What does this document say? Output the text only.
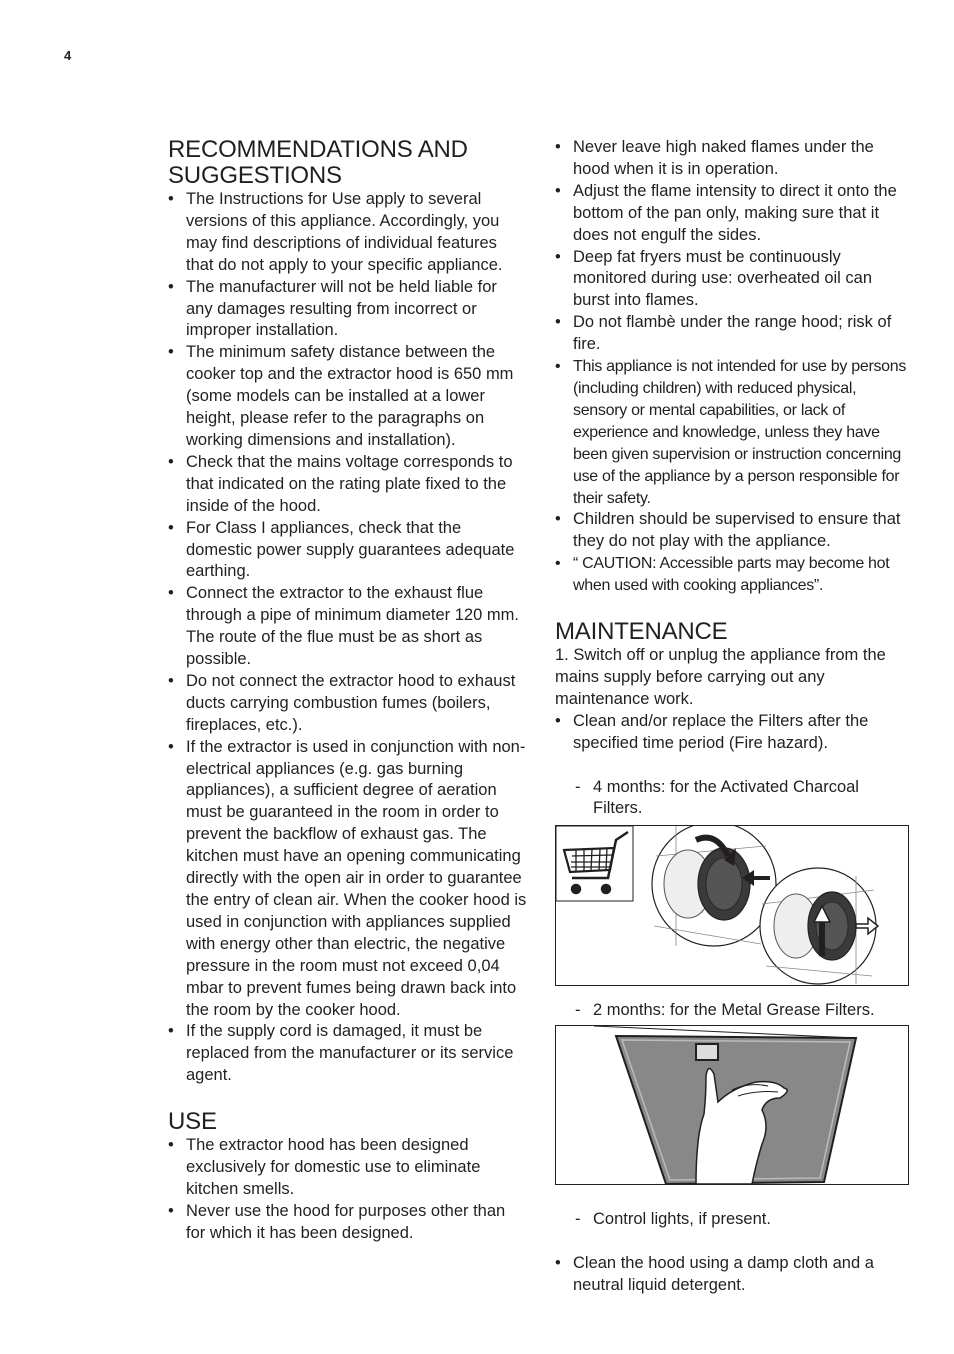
4
RECOMMENDATIONS AND SUGGESTIONS
• The Instructions for Use apply to several versions of this appliance. Accordingly, you may find descriptions of individual features that do not apply to your specific appliance.
• The manufacturer will not be held liable for any damages resulting from incorrect or improper installation.
• The minimum safety distance between the cooker top and the extractor hood is 650 mm (some models can be installed at a lower height, please refer to the paragraphs on working dimensions and installation).
• Check that the mains voltage corresponds to that indicated on the rating plate fixed to the inside of the hood.
• For Class I appliances, check that the domestic power supply guarantees adequate earthing.
• Connect the extractor to the exhaust flue through a pipe of minimum diameter 120 mm. The route of the flue must be as short as possible.
• Do not connect the extractor hood to exhaust ducts carrying combustion fumes (boilers, fireplaces, etc.).
• If the extractor is used in conjunction with non-electrical appliances (e.g. gas burning appliances), a sufficient degree of aeration must be guaranteed in the room in order to prevent the backflow of exhaust gas. The kitchen must have an opening communicating directly with the open air in order to guarantee the entry of clean air. When the cooker hood is used in conjunction with appliances supplied with energy other than electric, the negative pressure in the room must not exceed 0,04 mbar to prevent fumes being drawn back into the room by the cooker hood.
• If the supply cord is damaged, it must be replaced from the manufacturer or its service agent.
USE
• The extractor hood has been designed exclusively for domestic use to eliminate kitchen smells.
• Never use the hood for purposes other than for which it has been designed.
• Never leave high naked flames under the hood when it is in operation.
• Adjust the flame intensity to direct it onto the bottom of the pan only, making sure that it does not engulf the sides.
• Deep fat fryers must be continuously monitored during use: overheated oil can burst into flames.
• Do not flambè under the range hood; risk of fire.
• This appliance is not intended for use by persons (including children) with reduced physical, sensory or mental capabilities, or lack of experience and knowledge, unless they have been given supervision or instruction concerning use of the appliance by a person responsible for their safety.
• Children should be supervised to ensure that they do not play with the appliance.
• “ CAUTION: Accessible parts may become hot when used with cooking appliances”.
MAINTENANCE

1. Switch off or unplug the appliance from the mains supply before carrying out any maintenance work.

• Clean and/or replace the Filters after the specified time period (Fire hazard).
- 4 months: for the Activated Charcoal Filters.
- 2 months: for the Metal Grease Filters.
- Control lights, if present.
• Clean the hood using a damp cloth and a neutral liquid detergent.
